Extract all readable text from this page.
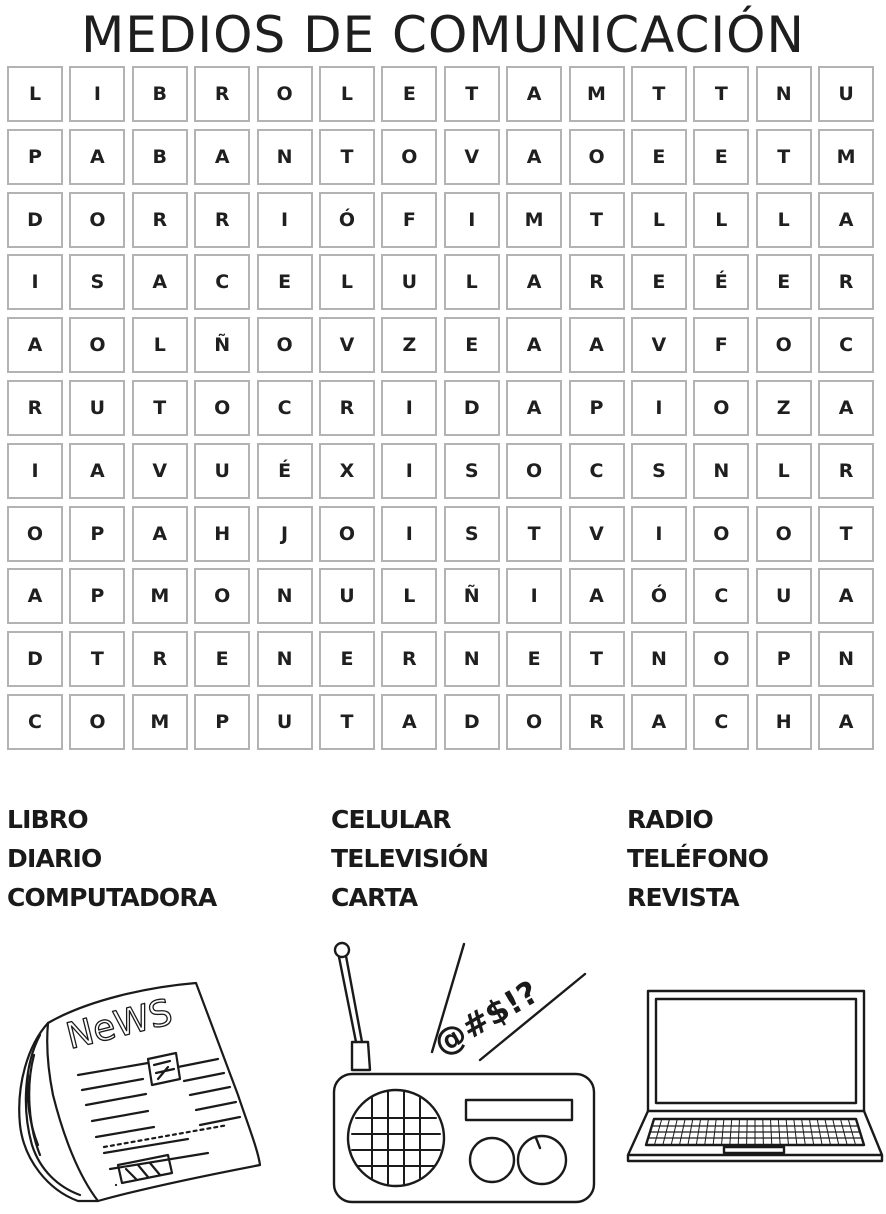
MEDIOS DE COMUNICACIÓN
L	I	B	R	O	L	E	T	A	M	T	T	N	U
P	A	B	A	N	T	O	V	A	O	E	E	T	M
D	O	R	R	I	Ó	F	I	M	T	L	L	L	A
I	S	A	C	E	L	U	L	A	R	E	É	E	R
A	O	L	Ñ	O	V	Z	E	A	A	V	F	O	C
R	U	T	O	C	R	I	D	A	P	I	O	Z	A
I	A	V	U	É	X	I	S	O	C	S	N	L	R
O	P	A	H	J	O	I	S	T	V	I	O	O	T
A	P	M	O	N	U	L	Ñ	I	A	Ó	C	U	A
D	T	R	E	N	E	R	N	E	T	N	O	P	N
C	O	M	P	U	T	A	D	O	R	A	C	H	A
LIBRO
DIARIO
COMPUTADORA
CELULAR
TELEVISIÓN
CARTA
RADIO
TELÉFONO
REVISTA
NeWS	@#$!?
